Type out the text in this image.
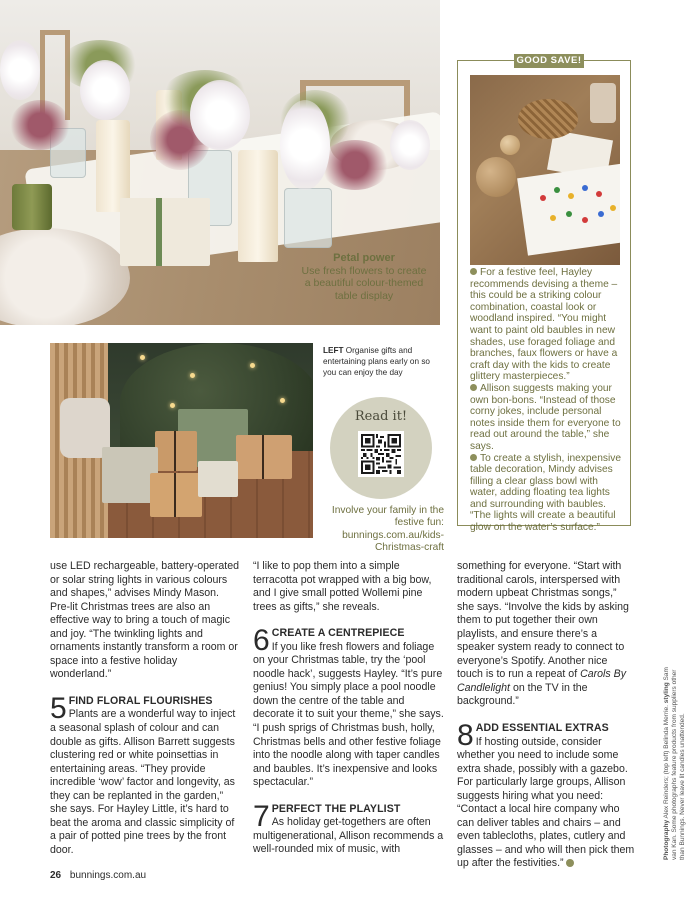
Petal power
Use fresh flowers to create a beautiful colour-themed table display
GOOD SAVE!

For a festive feel, Hayley recommends devising a theme – this could be a striking colour combination, coastal look or woodland inspired. “You might want to paint old baubles in new shades, use foraged foliage and branches, faux flowers or have a craft day with the kids to create glittery masterpieces.”

Allison suggests making your own bon-bons. “Instead of those corny jokes, include personal notes inside them for everyone to read out around the table,” she says.

To create a stylish, inexpensive table decoration, Mindy advises filling a clear glass bowl with water, adding floating tea lights and surrounding with baubles. “The lights will create a beautiful glow on the water’s surface.”

LEFT Organise gifts and entertaining plans early on so you can enjoy the day
Read it!
Involve your family in the festive fun: bunnings.com.au/kids-Christmas-craft

use LED rechargeable, battery-operated or solar string lights in various colours and shapes,” advises Mindy Mason. Pre-lit Christmas trees are also an effective way to bring a touch of magic and joy. “The twinkling lights and ornaments instantly transform a room or space into a festive holiday wonderland.”

5 FIND FLORAL FLOURISHES
Plants are a wonderful way to inject a seasonal splash of colour and can double as gifts. Allison Barrett suggests clustering red or white poinsettias in entertaining areas. “They provide incredible ‘wow’ factor and longevity, as they can be replanted in the garden,” she says. For Hayley Little, it’s hard to beat the aroma and classic simplicity of a pair of potted pine trees by the front door.

“I like to pop them into a simple terracotta pot wrapped with a big bow, and I give small potted Wollemi pine trees as gifts,” she reveals.

6 CREATE A CENTREPIECE
If you like fresh flowers and foliage on your Christmas table, try the ‘pool noodle hack’, suggests Hayley. “It’s pure genius! You simply place a pool noodle down the centre of the table and decorate it to suit your theme,” she says. “I push sprigs of Christmas bush, holly, Christmas bells and other festive foliage into the noodle along with taper candles and baubles. It’s inexpensive and looks spectacular.”
7 PERFECT THE PLAYLIST
As holiday get-togethers are often multigenerational, Allison recommends a well-rounded mix of music, with

something for everyone. “Start with traditional carols, interspersed with modern upbeat Christmas songs,” she says. “Involve the kids by asking them to put together their own playlists, and ensure there’s a speaker system ready to connect to everyone’s Spotify. Another nice touch is to run a repeat of Carols By Candlelight on the TV in the background.”

8 ADD ESSENTIAL EXTRAS
If hosting outside, consider whether you need to include some extra shade, possibly with a gazebo. For particularly large groups, Allison suggests hiring what you need: “Contact a local hire company who can deliver tables and chairs – and even tablecloths, plates, cutlery and glasses – and who will then pick them up after the festivities.”
26 bunnings.com.au
Photography Alex Reinders; (top left) Belinda Merrie. styling Sam van Kan. Some photographs feature products from suppliers other than Bunnings. Never leave lit candles unattended.
